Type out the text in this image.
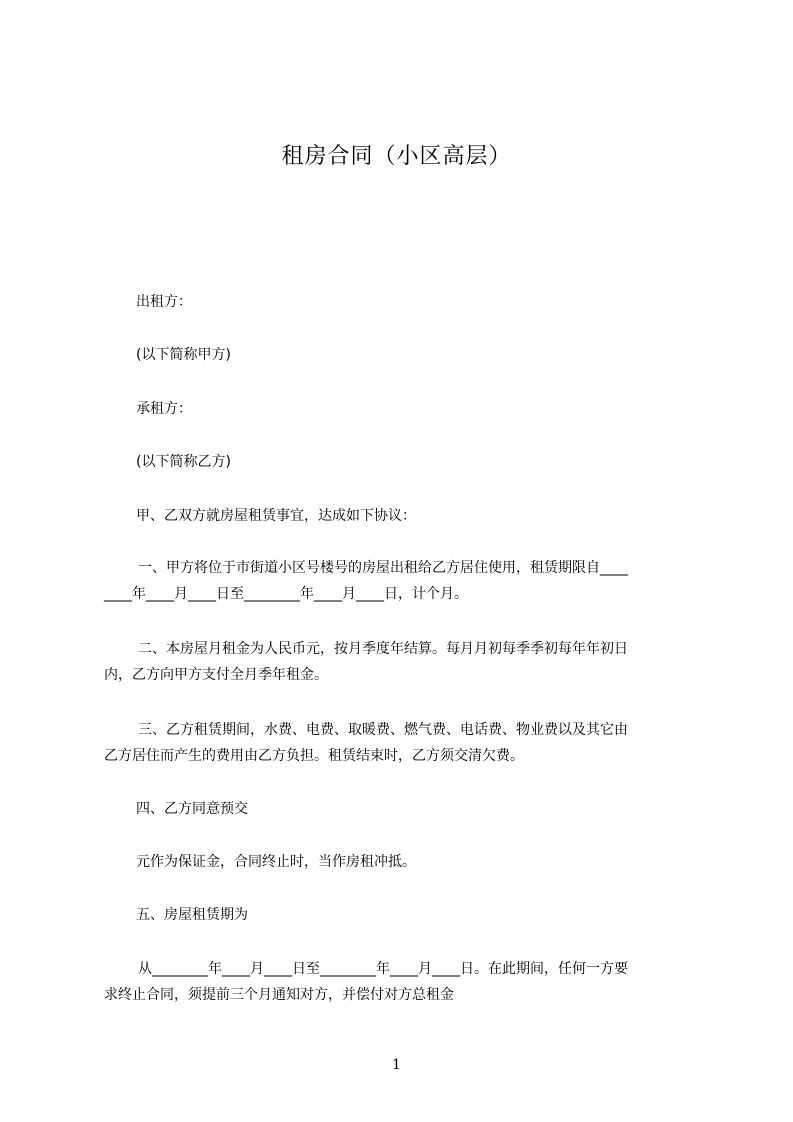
租房合同（小区高层）
出租方：
(以下简称甲方)
承租方：
(以下简称乙方)
甲、乙双方就房屋租赁事宜，达成如下协议：
一、甲方将位于市街道小区号楼号的房屋出租给乙方居住使用，租赁期限自____
____年____月____日至________年____月____日，计个月。
二、本房屋月租金为人民币元，按月季度年结算。每月月初每季季初每年年初日
内，乙方向甲方支付全月季年租金。
三、乙方租赁期间，水费、电费、取暖费、燃气费、电话费、物业费以及其它由
乙方居住而产生的费用由乙方负担。租赁结束时，乙方须交清欠费。
四、乙方同意预交
元作为保证金，合同终止时，当作房租冲抵。
五、房屋租赁期为
从________年____月____日至________年____月____日。在此期间，任何一方要
求终止合同，须提前三个月通知对方，并偿付对方总租金
1
